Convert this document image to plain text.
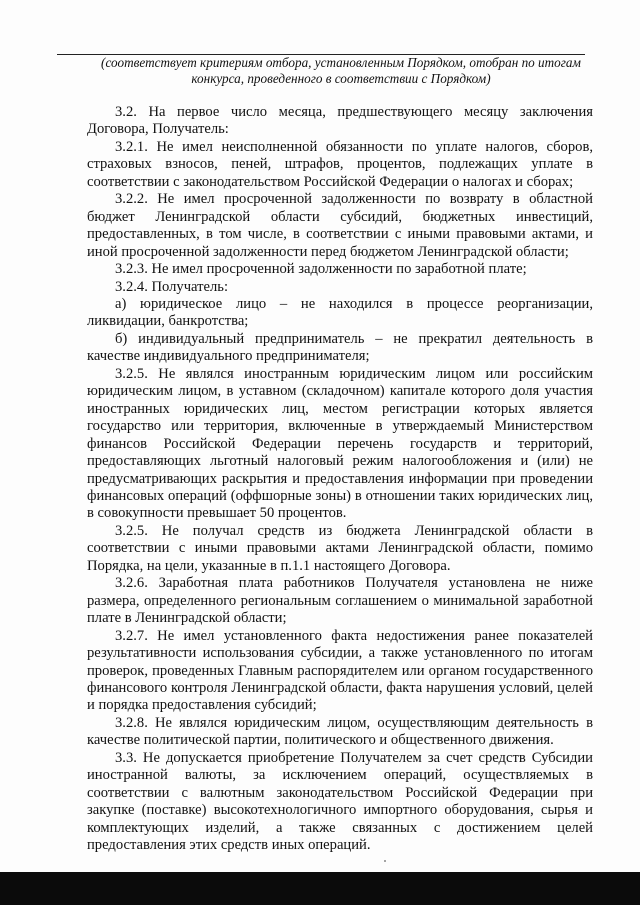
(соответствует критериям отбора, установленным Порядком, отобран по итогам
конкурса, проведенного в соответствии с Порядком)

3.2. На первое число месяца, предшествующего месяцу заключения Договора, Получатель:

3.2.1. Не имел неисполненной обязанности по уплате налогов, сборов, страховых взносов, пеней, штрафов, процентов, подлежащих уплате в соответствии с законодательством Российской Федерации о налогах и сборах;

3.2.2. Не имел просроченной задолженности по возврату в областной бюджет Ленинградской области субсидий, бюджетных инвестиций, предоставленных, в том числе, в соответствии с иными правовыми актами, и иной просроченной задолженности перед бюджетом Ленинградской области;

3.2.3. Не имел просроченной задолженности по заработной плате;

3.2.4. Получатель:

а) юридическое лицо – не находился в процессе реорганизации, ликвидации, банкротства;

б) индивидуальный предприниматель – не прекратил деятельность в качестве индивидуального предпринимателя;

3.2.5. Не являлся иностранным юридическим лицом или российским юридическим лицом, в уставном (складочном) капитале которого доля участия иностранных юридических лиц, местом регистрации которых является государство или территория, включенные в утверждаемый Министерством финансов Российской Федерации перечень государств и территорий, предоставляющих льготный налоговый режим налогообложения и (или) не предусматривающих раскрытия и предоставления информации при проведении финансовых операций (оффшорные зоны) в отношении таких юридических лиц, в совокупности превышает 50 процентов.

3.2.5. Не получал средств из бюджета Ленинградской области в соответствии с иными правовыми актами Ленинградской области, помимо Порядка, на цели, указанные в п.1.1 настоящего Договора.

3.2.6. Заработная плата работников Получателя установлена не ниже размера, определенного региональным соглашением о минимальной заработной плате в Ленинградской области;

3.2.7. Не имел установленного факта недостижения ранее показателей результативности использования субсидии, а также установленного по итогам проверок, проведенных Главным распорядителем или органом государственного финансового контроля Ленинградской области, факта нарушения условий, целей и порядка предоставления субсидий;

3.2.8. Не являлся юридическим лицом, осуществляющим деятельность в качестве политической партии, политического и общественного движения.

3.3. Не допускается приобретение Получателем за счет средств Субсидии иностранной валюты, за исключением операций, осуществляемых в соответствии с валютным законодательством Российской Федерации при закупке (поставке) высокотехнологичного импортного оборудования, сырья и комплектующих изделий, а также связанных с достижением целей предоставления этих средств иных операций.
